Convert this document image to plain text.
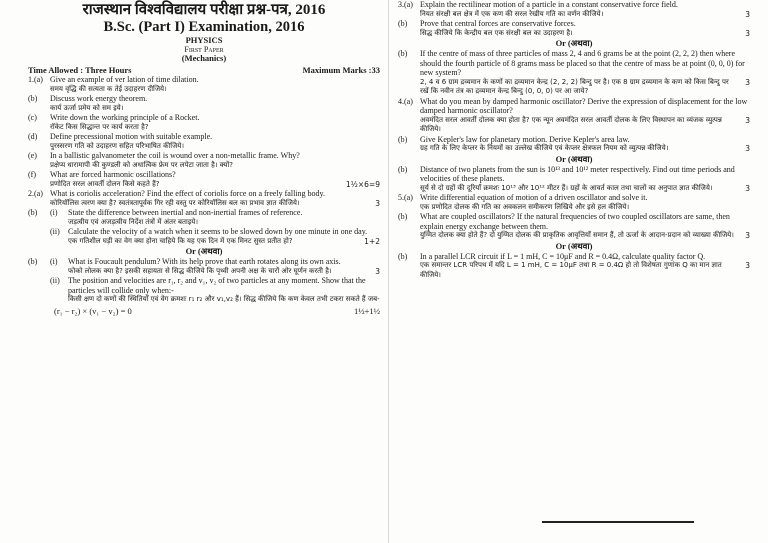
राजस्थान विश्वविद्यालय परीक्षा प्रश्न-पत्र, 2016
B.Sc. (Part I) Examination, 2016
PHYSICS
First Paper
(Mechanics)
Time Allowed : Three Hours	Maximum Marks :33
1.(a) Give an example of ver lation of time dilation.
समय वृद्धि की सत्यता क तेई उदाहरण दीजिये।
(b)	Discuss work energy theorem.
कार्य ऊर्जा प्रमेय को सम इये।
(c)	Write down the working principle of a Rocket.
रॉकेट किस सिद्धान्त पर कार्य करता है?
(d)	Define precessional motion with suitable example.
पुरस्सरण गति को उदाहरण सहित परिभाषित कीजिये।
(e)	In a ballistic galvanometer the coil is wound over a non-metallic frame. Why?
प्रक्षेप्य धारामापी की कुण्डली को अधात्विक फ्रेम पर लपेटा जाता है। क्यों?
(f)	What are forced harmonic oscillations?
1½×6=9
प्रणोदित सरल आवर्ती दोलन किसे कहते हैं?
2.(a) What is coriolis acceleration? Find the effect of coriolis force on a freely falling body.
3
कोरियॉलिस त्वरण क्या है? स्वतंत्रतापूर्वक गिर रही वस्तु पर कोरियॉलिस बल का प्रभाव ज्ञात कीजिये।
(b)	(i)	State the difference between inertial and non-inertial frames of reference.
जड़त्वीय एवं अजड़त्वीय निर्देश तंत्रों में अंतर बताइये।
(ii)	Calculate the velocity of a watch when it seems to be slowed down by one minute in one day.
1+2
एक गतिशील घड़ी का वेग क्या होना चाहिये कि यह एक दिन में एक मिनट सुस्त प्रतीत हो?
Or (अथवा)
(b)	(i)	What is Foucault pendulum? With its help prove that earth rotates along its own axis.
3
फोको लोलक क्या है? इसकी सहायता से सिद्ध कीजिये कि पृथ्वी अपनी अक्ष के चारों ओर घूर्णन करती है।
(ii)	The position and velocities are r₁, r₂ and v₁, v₂ of two particles at any moment. Show that the particles will collide only when:-
किसी क्षण दो कणों की स्थितियाँ एवं वेग क्रमशः r₁ r₂ और v₁,v₂ हैं। सिद्ध कीजिये कि कण केवल तभी टकरा सकते हैं जब-
(r₁ − r₂) × (v₁ − v₂) = 0	1½+1½
3.(a) Explain the rectilinear motion of a particle in a constant conservative force field.
3
नियत संरक्षी बल क्षेत्र में एक कण की सरल रेखीय गति का वर्णन कीजिये।
(b)	Prove that central forces are conservative forces.
3
सिद्ध कीजिये कि केन्द्रीय बल एक संरक्षी बल का उदाहरण है।
Or (अथवा)
(b)	If the centre of mass of three particles of mass 2, 4 and 6 grams be at the point (2, 2, 2) then where should the fourth particle of 8 grams mass be placed so that the centre of mass be at point (0, 0, 0) for new system?
3
2, 4 व 6 ग्राम द्रव्यमान के कणों का द्रव्यमान केन्द्र (2, 2, 2) बिन्दु पर है। एक 8 ग्राम द्रव्यमान के कण को किस बिन्दु पर रखें कि नवीन तंत्र का द्रव्यमान केन्द्र बिन्दु (0, 0, 0) पर आ जाये?
4.(a) What do you mean by damped harmonic oscillator? Derive the expression of displacement for the low damped harmonic oscillator?
3
अवमंदित सरल आवर्ती दोलक क्या होता है? एक न्यून अवमंदित सरल आवर्ती दोलक के लिए विस्थापन का व्यंजक व्युत्पन्न कीजिये।
(b)	Give Kepler's law for planetary motion. Derive Kepler's area law.
3
ग्रह गति के लिए केप्लर के नियमों का उल्लेख कीजिये एवं केप्लर क्षेत्रफल नियम को व्युत्पन्न कीजिये।
Or (अथवा)
(b)	Distance of two planets from the sun is 10¹³ and 10¹² meter respectively. Find out time periods and velocities of these planets.
3
सूर्य से दो ग्रहों की दूरियाँ क्रमशः 10¹³ और 10¹² मीटर हैं। ग्रहों के आवर्त काल तथा चालों का अनुपात ज्ञात कीजिये।
5.(a) Write differential equation of motion of a driven oscillator and solve it.
एक प्रणोदित दोलक की गति का अवकलन समीकरण लिखिये और इसे हल कीजिये।
(b)	What are coupled oscillators? If the natural frequencies of two coupled oscillators are same, then explain energy exchange between them.
3
युग्मित दोलक क्या होते हैं? दो युग्मित दोलक की प्राकृतिक आवृत्तियाँ समान हैं, तो ऊर्जा के आदान-प्रदान को व्याख्या कीजिये।
Or (अथवा)
(b)	In a parallel LCR circuit if L = 1 mH, C = 10μF and R = 0.4Ω, calculate quality factor Q.
3
एक समान्तर LCR परिपथ में यदि L = 1 mH, C = 10μF तथा R = 0.4Ω हो तो विशेषता गुणांक Q का मान ज्ञात कीजिये।
